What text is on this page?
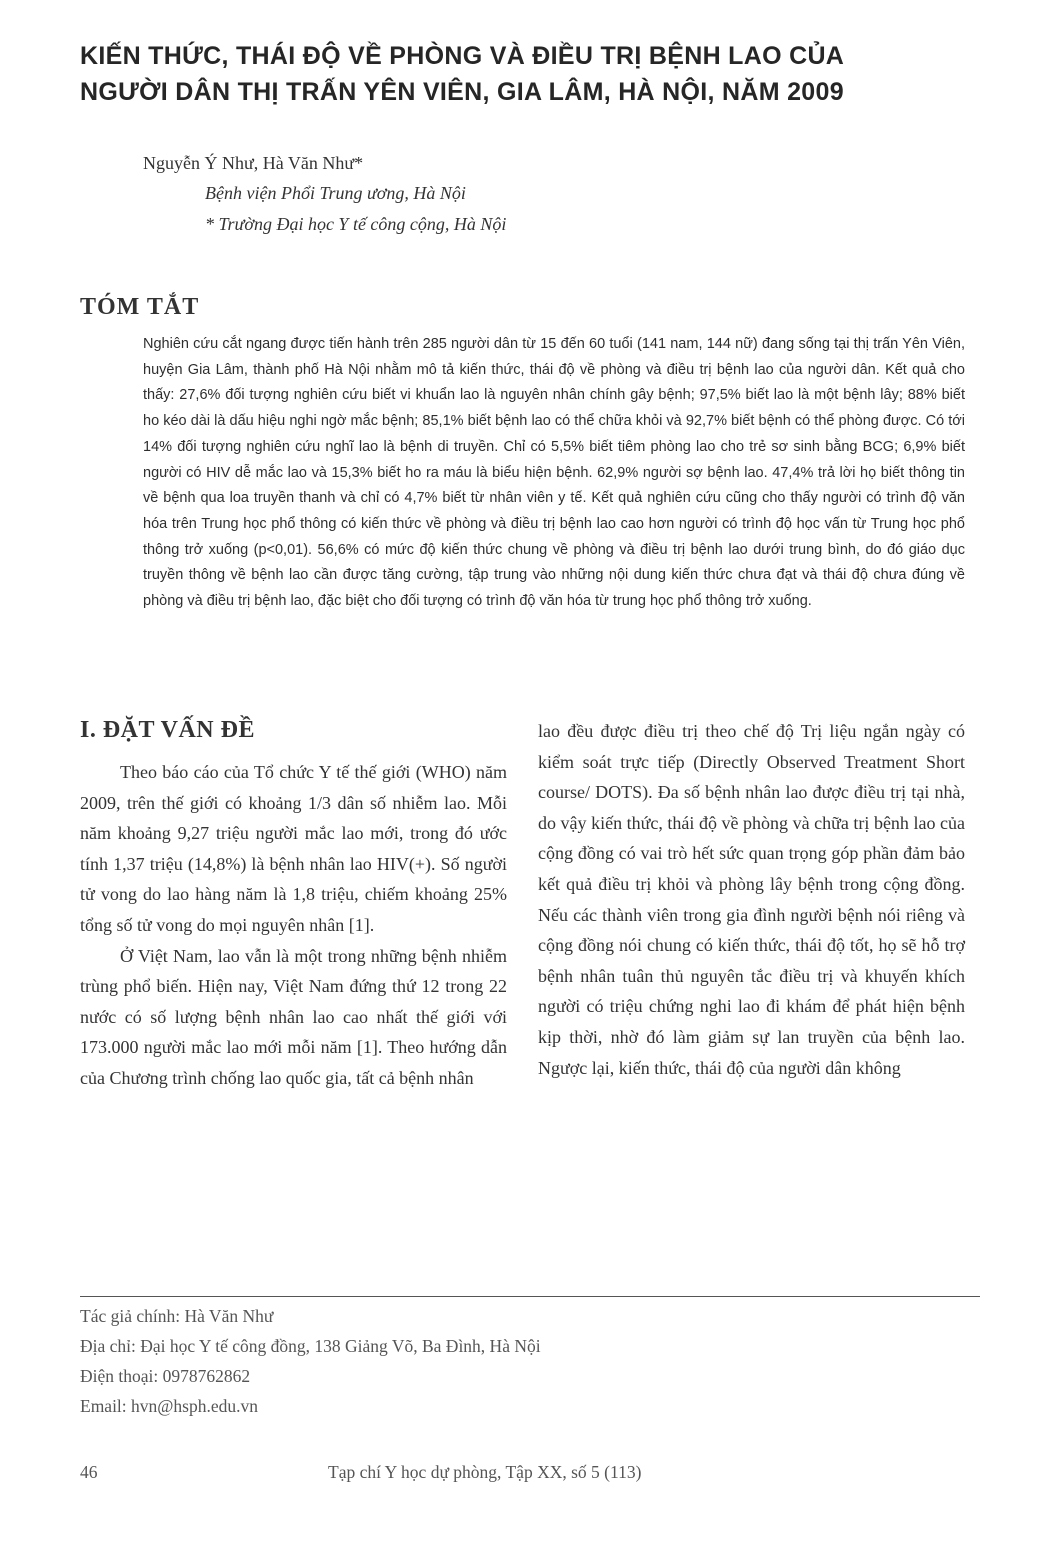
KIẾN THỨC, THÁI ĐỘ VỀ PHÒNG VÀ ĐIỀU TRỊ BỆNH LAO CỦA
NGƯỜI DÂN THỊ TRẤN YÊN VIÊN, GIA LÂM, HÀ NỘI, NĂM 2009
Nguyễn Ý Như, Hà Văn Như*
Bệnh viện Phổi Trung ương, Hà Nội
* Trường Đại học Y tế công cộng, Hà Nội
TÓM TẮT
Nghiên cứu cắt ngang được tiến hành trên 285 người dân từ 15 đến 60 tuổi (141 nam, 144 nữ) đang sống tại thị trấn Yên Viên, huyện Gia Lâm, thành phố Hà Nội nhằm mô tả kiến thức, thái độ về phòng và điều trị bệnh lao của người dân. Kết quả cho thấy: 27,6% đối tượng nghiên cứu biết vi khuẩn lao là nguyên nhân chính gây bệnh; 97,5% biết lao là một bệnh lây; 88% biết ho kéo dài là dấu hiệu nghi ngờ mắc bệnh; 85,1% biết bệnh lao có thể chữa khỏi và 92,7% biết bệnh có thể phòng được. Có tới 14% đối tượng nghiên cứu nghĩ lao là bệnh di truyền. Chỉ có 5,5% biết tiêm phòng lao cho trẻ sơ sinh bằng BCG; 6,9% biết người có HIV dễ mắc lao và 15,3% biết ho ra máu là biểu hiện bệnh. 62,9% người sợ bệnh lao. 47,4% trả lời họ biết thông tin về bệnh qua loa truyền thanh và chỉ có 4,7% biết từ nhân viên y tế. Kết quả nghiên cứu cũng cho thấy người có trình độ văn hóa trên Trung học phổ thông có kiến thức về phòng và điều trị bệnh lao cao hơn người có trình độ học vấn từ Trung học phổ thông trở xuống (p<0,01). 56,6% có mức độ kiến thức chung về phòng và điều trị bệnh lao dưới trung bình, do đó giáo dục truyền thông về bệnh lao cần được tăng cường, tập trung vào những nội dung kiến thức chưa đạt và thái độ chưa đúng về phòng và điều trị bệnh lao, đặc biệt cho đối tượng có trình độ văn hóa từ trung học phổ thông trở xuống.
I. ĐẶT VẤN ĐỀ

Theo báo cáo của Tổ chức Y tế thế giới (WHO) năm 2009, trên thế giới có khoảng 1/3 dân số nhiễm lao. Mỗi năm khoảng 9,27 triệu người mắc lao mới, trong đó ước tính 1,37 triệu (14,8%) là bệnh nhân lao HIV(+). Số người tử vong do lao hàng năm là 1,8 triệu, chiếm khoảng 25% tổng số tử vong do mọi nguyên nhân [1].

Ở Việt Nam, lao vẫn là một trong những bệnh nhiễm trùng phổ biến. Hiện nay, Việt Nam đứng thứ 12 trong 22 nước có số lượng bệnh nhân lao cao nhất thế giới với 173.000 người mắc lao mới mỗi năm [1]. Theo hướng dẫn của Chương trình chống lao quốc gia, tất cả bệnh nhân

lao đều được điều trị theo chế độ Trị liệu ngắn ngày có kiểm soát trực tiếp (Directly Observed Treatment Short course/ DOTS). Đa số bệnh nhân lao được điều trị tại nhà, do vậy kiến thức, thái độ về phòng và chữa trị bệnh lao của cộng đồng có vai trò hết sức quan trọng góp phần đảm bảo kết quả điều trị khỏi và phòng lây bệnh trong cộng đồng. Nếu các thành viên trong gia đình người bệnh nói riêng và cộng đồng nói chung có kiến thức, thái độ tốt, họ sẽ hỗ trợ bệnh nhân tuân thủ nguyên tắc điều trị và khuyến khích người có triệu chứng nghi lao đi khám để phát hiện bệnh kịp thời, nhờ đó làm giảm sự lan truyền của bệnh lao. Ngược lại, kiến thức, thái độ của người dân không

Tác giả chính: Hà Văn Như
Địa chỉ: Đại học Y tế công đồng, 138 Giảng Võ, Ba Đình, Hà Nội
Điện thoại: 0978762862
Email: hvn@hsph.edu.vn
46	Tạp chí Y học dự phòng, Tập XX, số 5 (113)
